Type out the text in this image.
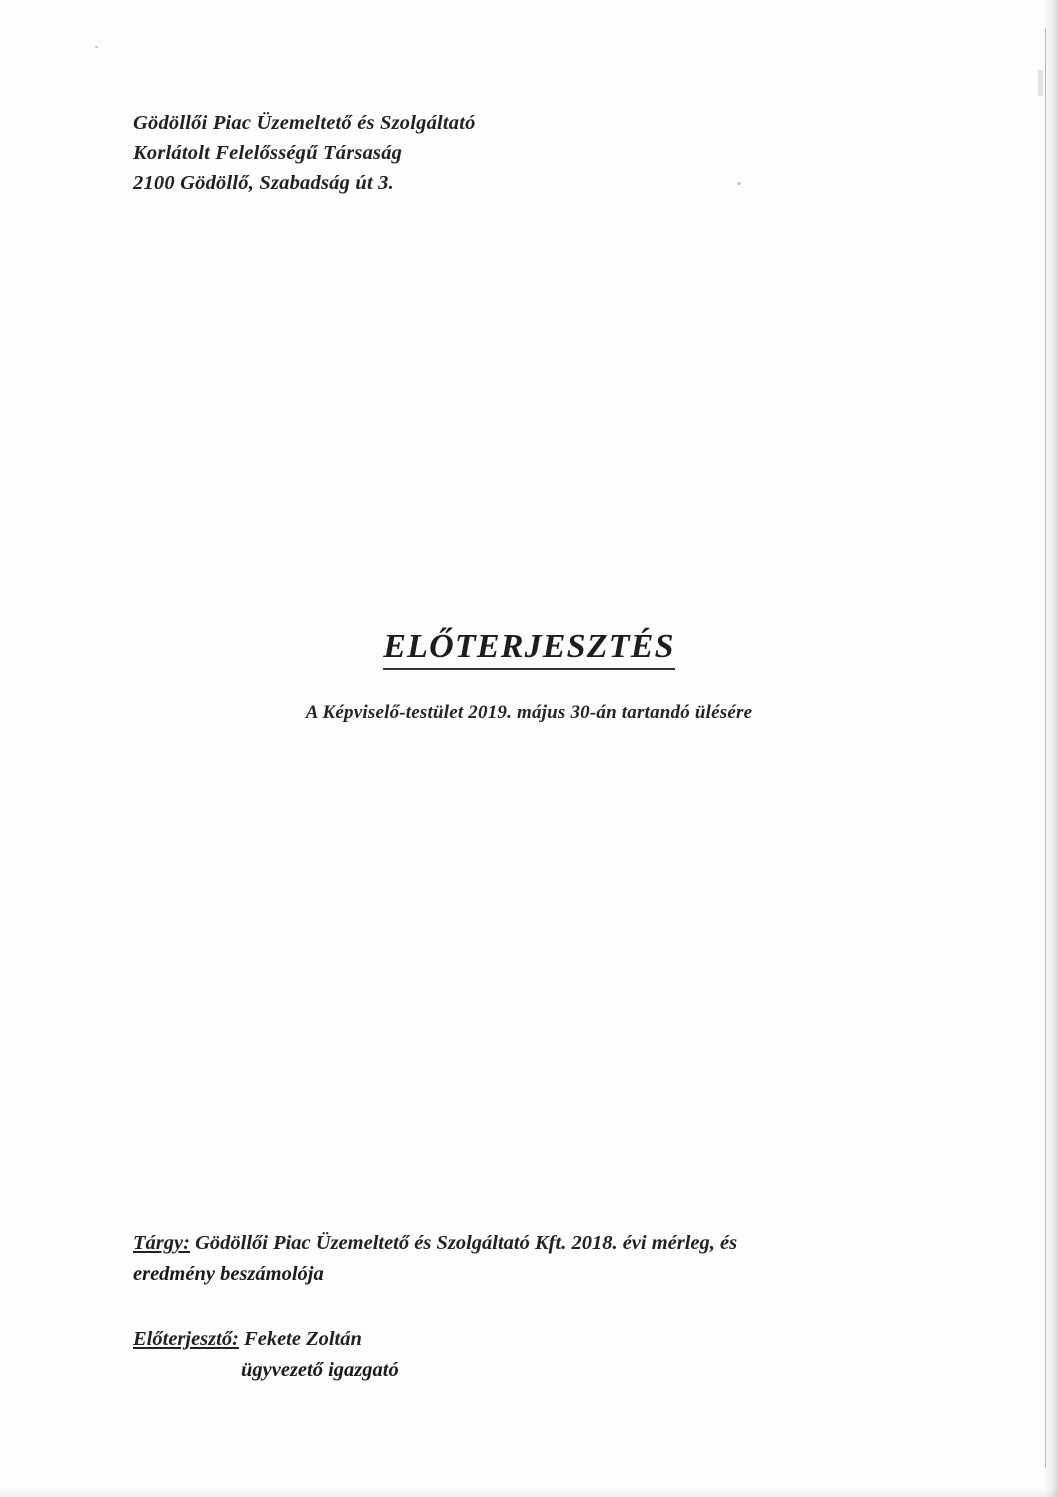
Gödöllői Piac Üzemeltető és Szolgáltató
Korlátolt Felelősségű Társaság
2100 Gödöllő, Szabadság út 3.
ELŐTERJESZTÉS
A Képviselő-testület 2019. május 30-án tartandó ülésére
Tárgy: Gödöllői Piac Üzemeltető és Szolgáltató Kft. 2018. évi mérleg, és
eredmény beszámolója
Előterjesztő: Fekete Zoltán
ügyvezető igazgató
